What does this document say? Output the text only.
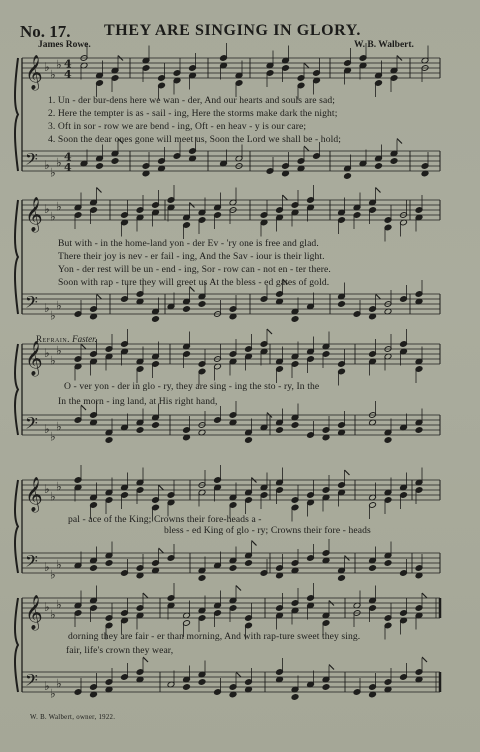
𝄞 ♭
♭
♭ 4
4
𝄢 ♭
♭
♭ 4
4
𝄞 ♭
♭
♭
𝄢 ♭
♭
♭
𝄞 ♭
♭
♭
𝄢 ♭
♭
♭
𝄞 ♭
♭
♭
𝄢 ♭
♭
♭
𝄞 ♭
♭
♭
𝄢 ♭
♭
♭
No. 17. THEY ARE SINGING IN GLORY.
James Rowe.	W. B. Walbert.
1. Un - der bur-dens here we wan - der, And our hearts and souls are sad;
2. Here the tempter is as - sail - ing, Here the storms make dark the night;
3. Oft in sor - row we are bend - ing, Oft - en heav - y is our care;
4. Soon the dear ones gone will meet us, Soon the Lord we shall be - hold;
But with - in the home-land yon - der Ev - 'ry one is free and glad.
There their joy is nev - er fail - ing, And the Sav - iour is their light.
Yon - der rest will be un - end - ing, Sor - row can - not en - ter there.
Soon with rap - ture they will greet us At the bless - ed gates of gold.
Refrain. Faster.
O - ver yon - der in glo - ry, they are sing - ing the sto - ry, In the
In the morn - ing land, at His right hand,
pal - ace of the King; Crowns their fore-heads a -
bless - ed King of glo - ry; Crowns their fore - heads
dorning they are fair - er than morning, And with rap-ture sweet they sing.
fair, life's crown they wear,
W. B. Walbert, owner, 1922.
